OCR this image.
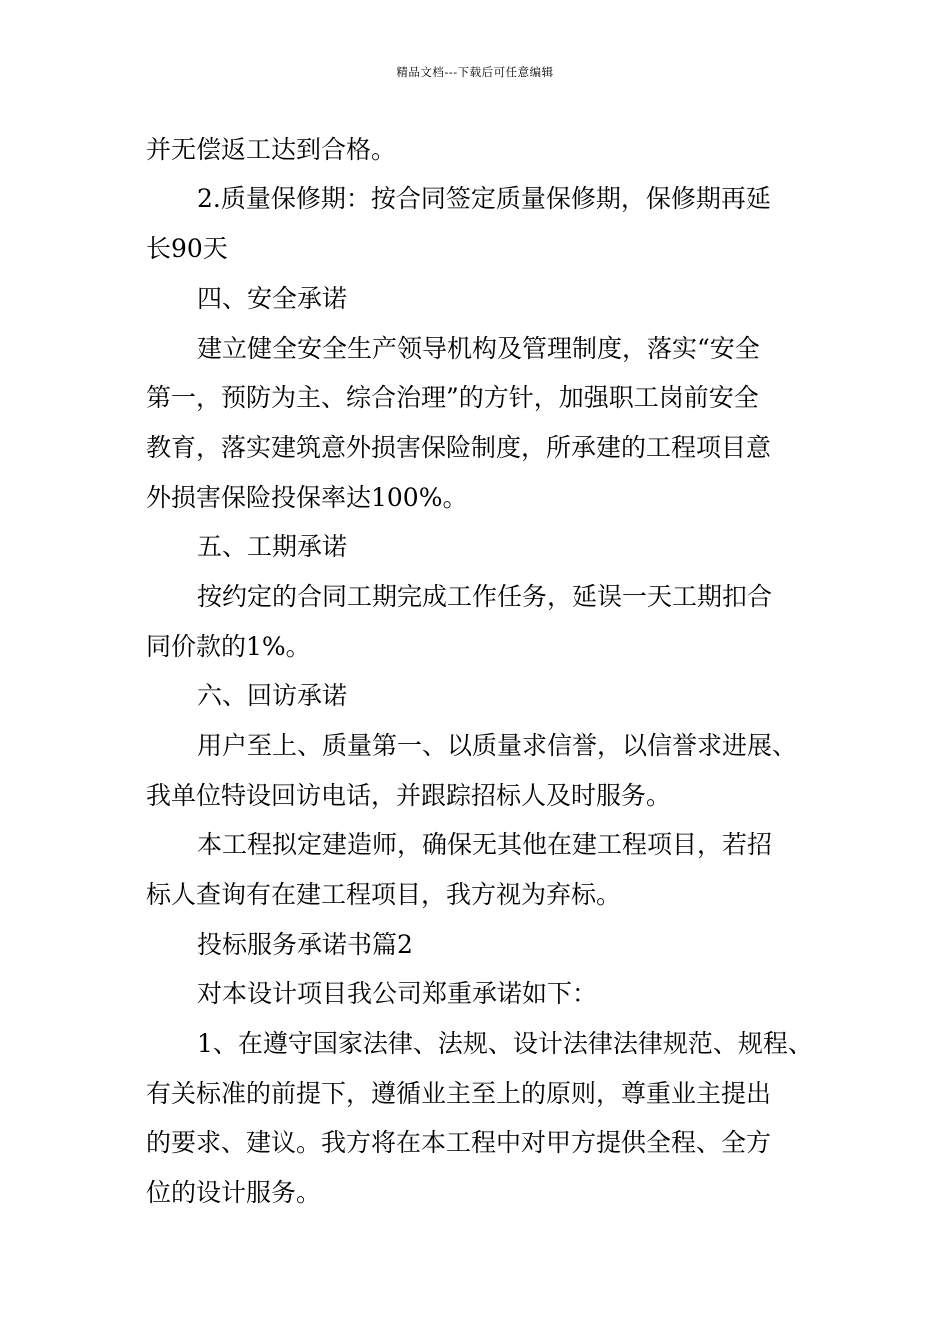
精品文档---下载后可任意编辑
并无偿返工达到合格。
2.质量保修期：按合同签定质量保修期，保修期再延
长90天
四、安全承诺
建立健全安全生产领导机构及管理制度，落实“安全
第一，预防为主、综合治理”的方针，加强职工岗前安全
教育，落实建筑意外损害保险制度，所承建的工程项目意
外损害保险投保率达100%。
五、工期承诺
按约定的合同工期完成工作任务，延误一天工期扣合
同价款的1%。
六、回访承诺
用户至上、质量第一、以质量求信誉，以信誉求进展、
我单位特设回访电话，并跟踪招标人及时服务。
本工程拟定建造师，确保无其他在建工程项目，若招
标人查询有在建工程项目，我方视为弃标。
投标服务承诺书篇2
对本设计项目我公司郑重承诺如下：
1、在遵守国家法律、法规、设计法律法律规范、规程、
有关标准的前提下，遵循业主至上的原则，尊重业主提出
的要求、建议。我方将在本工程中对甲方提供全程、全方
位的设计服务。
